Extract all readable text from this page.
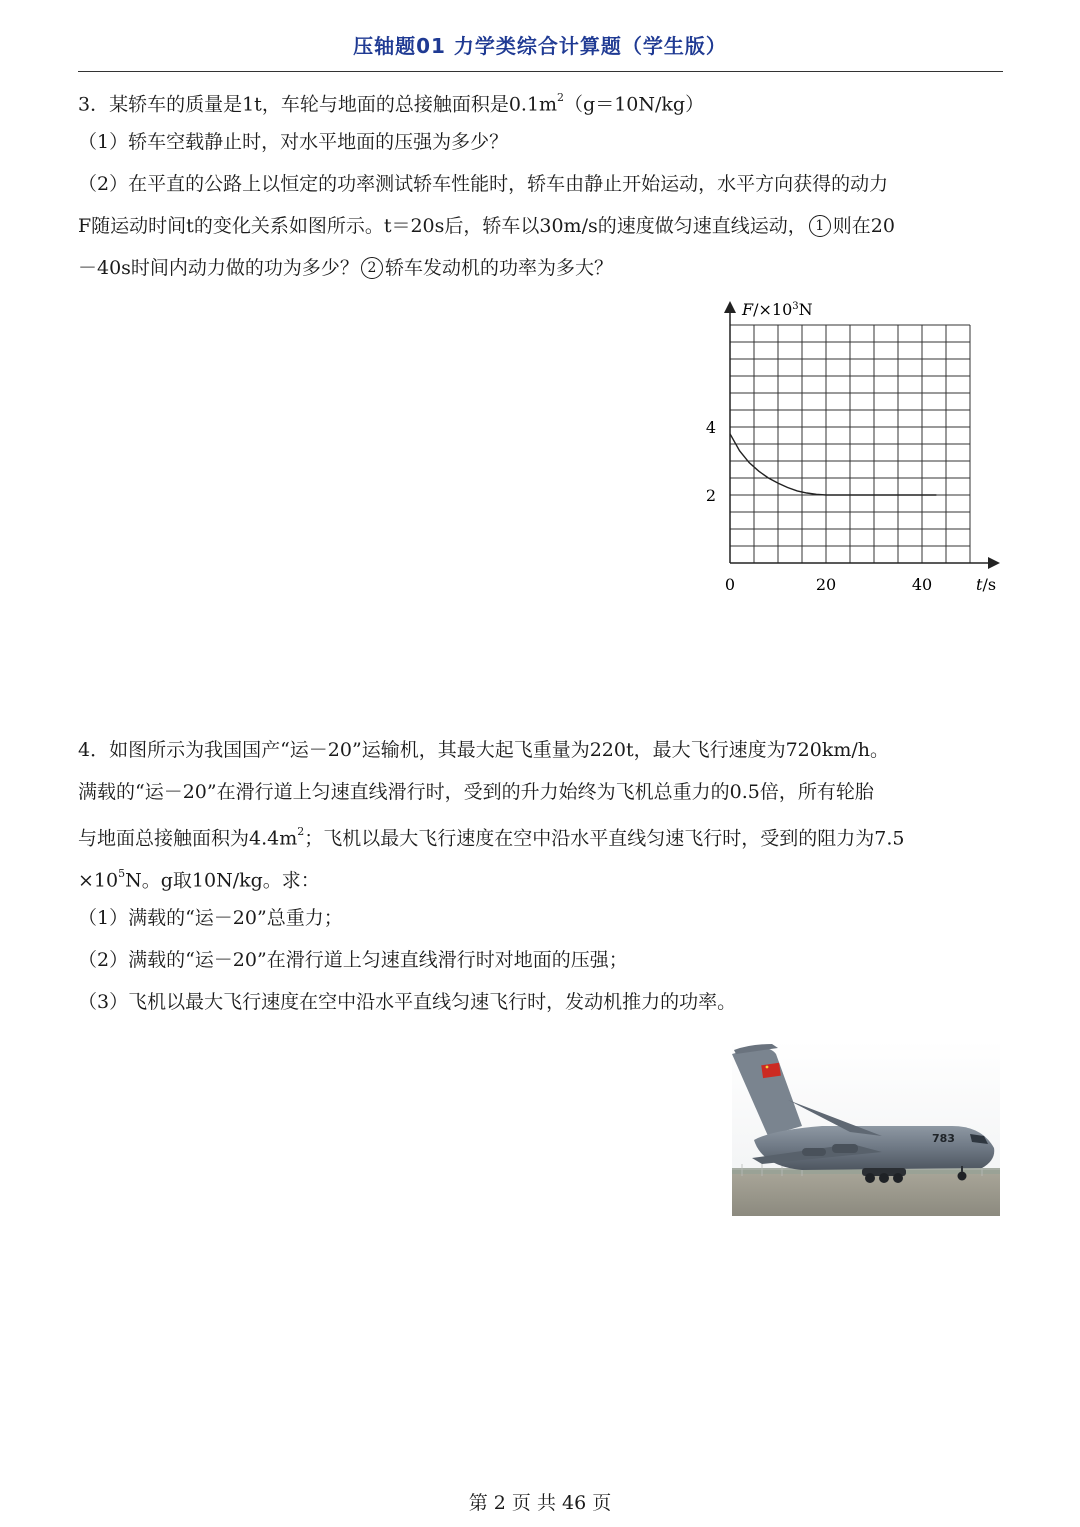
压轴题01 力学类综合计算题（学生版）
3．某轿车的质量是1t，车轮与地面的总接触面积是$0.1m^2(g=10N/kg)$
（1）轿车空载静止时，对水平地面的压强为多少？
（2）在平直的公路上以恒定的功率测试轿车性能时，轿车由静止开始运动，水平方向获得的动力
F随运动时间t的变化关系如图所示。t＝20s后，轿车以30m/s的速度做匀速直线运动， 1 则在20
－40s时间内动力做的功为多少？ 2 轿车发动机的功率为多大？
0	20	40
2
4
$F/\times 10^3N$
t/s
4．如图所示为我国国产“运－20”运输机，其最大起飞重量为220t，最大飞行速度为720km/h。
满载的“运－20”在滑行道上匀速直线滑行时，受到的升力始终为飞机总重力的0.5倍，所有轮胎
与地面总接触面积为$4.4m^2$；飞机以最大飞行速度在空中沿水平直线匀速飞行时，受到的阻力为7.5
$\times 10^5N$。g取10N/kg。求：
（1）满载的“运－20”总重力；
（2）满载的“运－20”在滑行道上匀速直线滑行时对地面的压强；
（3）飞机以最大飞行速度在空中沿水平直线匀速飞行时，发动机推力的功率。
783
第 2 页 共 46 页
